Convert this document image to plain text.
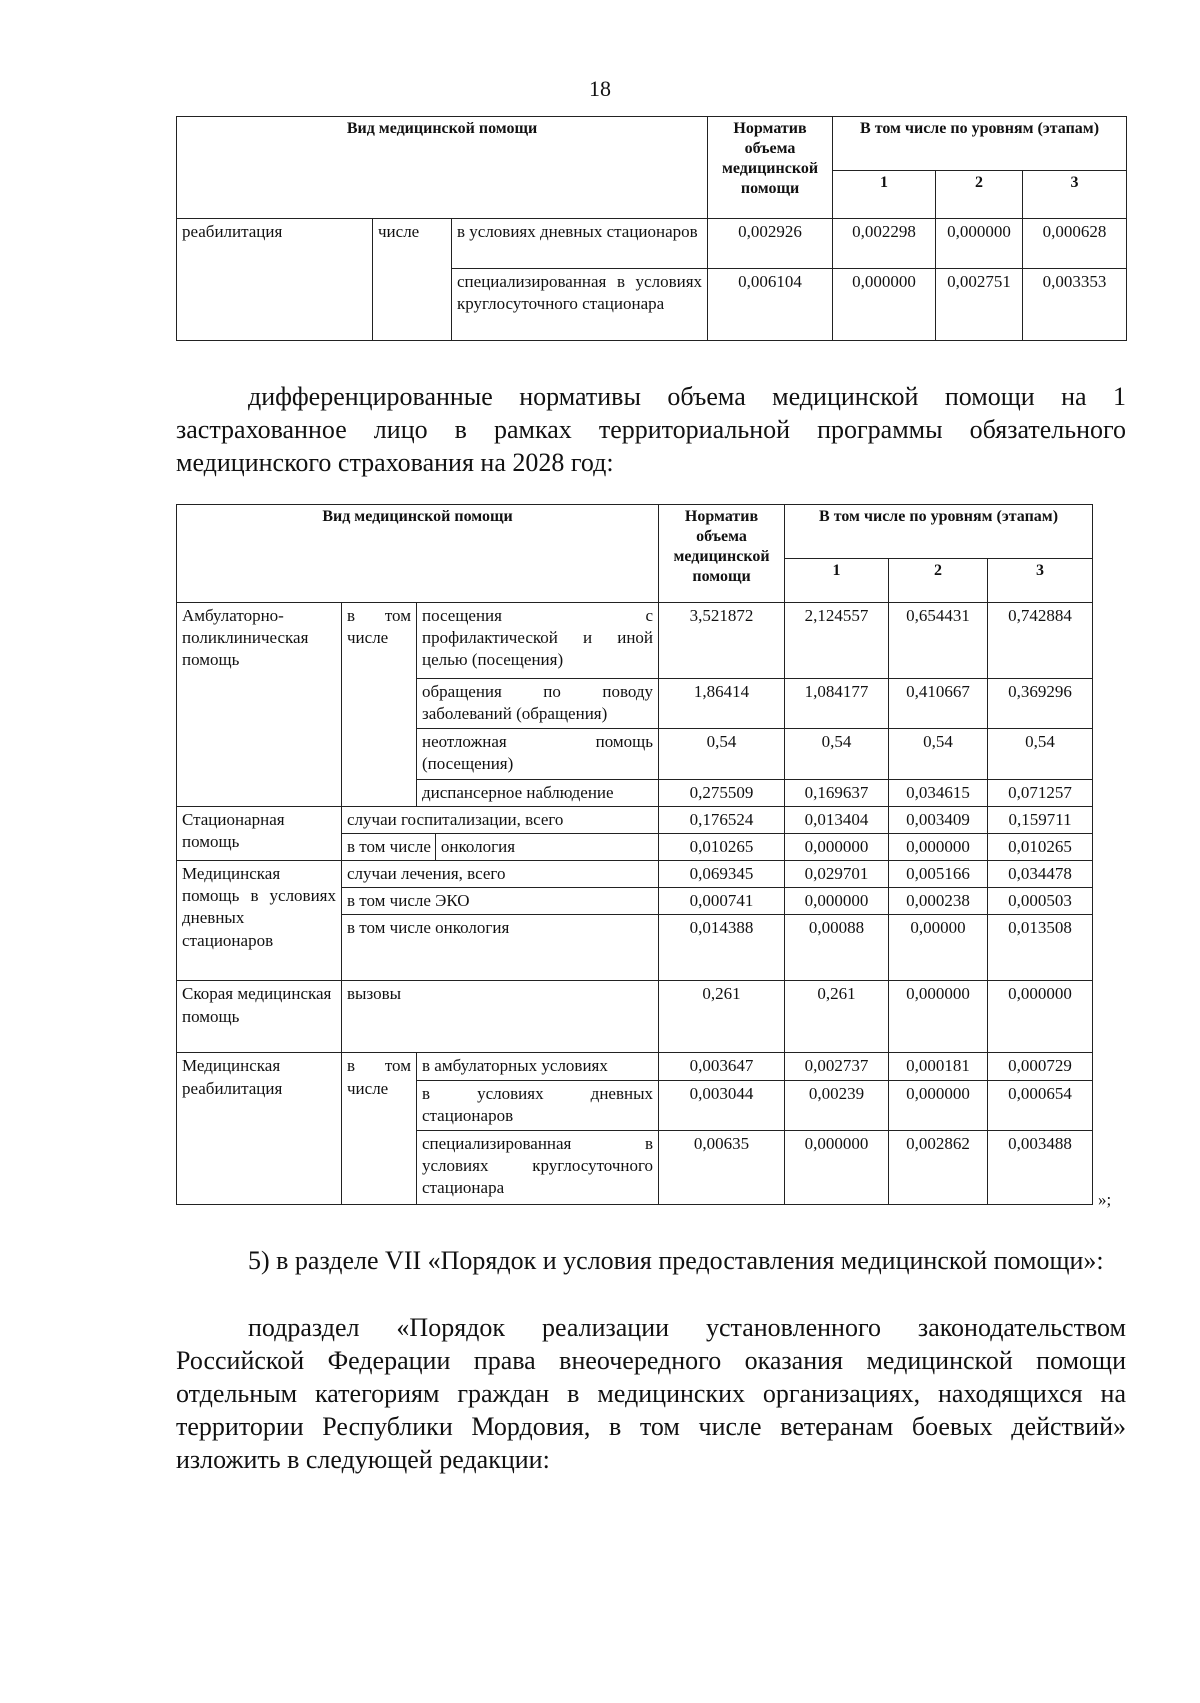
18
Вид медицинской помощи			Норматив объема медицинской помощи	В том числе по уровням (этапам)		
				1	2	3
реабилитация	числе	в условиях дневных стационаров	0,002926	0,002298	0,000000	0,000628
		специализированная в условиях круглосуточного стационара	0,006104	0,000000	0,002751	0,003353
дифференцированные нормативы объема медицинской помощи на 1 застрахованное лицо в рамках территориальной программы обязательного медицинского страхования на 2028 год:
Вид медицинской помощи			Норматив объема медицинской помощи	В том числе по уровням (этапам)		
				1	2	3
Амбулаторно-поликлиническая помощь	в том числе	посещения с профилактической и иной целью (посещения)	3,521872	2,124557	0,654431	0,742884
		обращения по поводу заболеваний (обращения)	1,86414	1,084177	0,410667	0,369296
		неотложная помощь (посещения)	0,54	0,54	0,54	0,54
		диспансерное наблюдение	0,275509	0,169637	0,034615	0,071257
Стационарная помощь	случаи госпитализации, всего		0,176524	0,013404	0,003409	0,159711
	в том числе онкология		0,010265	0,000000	0,000000	0,010265
Медицинская помощь в условиях дневных стационаров	случаи лечения, всего		0,069345	0,029701	0,005166	0,034478
	в том числе ЭКО		0,000741	0,000000	0,000238	0,000503
	в том числе онкология		0,014388	0,00088	0,00000	0,013508
Скорая медицинская помощь	вызовы		0,261	0,261	0,000000	0,000000
Медицинская реабилитация	в том числе	в амбулаторных условиях	0,003647	0,002737	0,000181	0,000729
		в условиях дневных стационаров	0,003044	0,00239	0,000000	0,000654
		специализированная в условиях круглосуточного стационара	0,00635	0,000000	0,002862	0,003488
»;
5) в разделе VII «Порядок и условия предоставления медицинской помощи»:
подраздел «Порядок реализации установленного законодательством Российской Федерации права внеочередного оказания медицинской помощи отдельным категориям граждан в медицинских организациях, находящихся на территории Республики Мордовия, в том числе ветеранам боевых действий» изложить в следующей редакции:
